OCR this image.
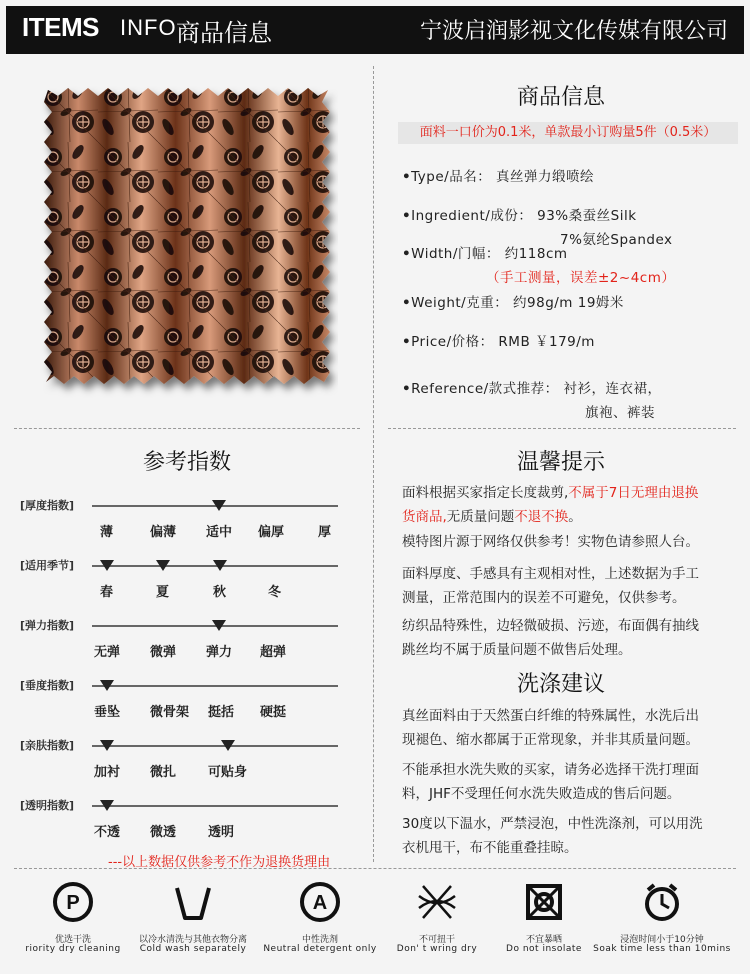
ITEMS INFO 商品信息	宁波启润影视文化传媒有限公司
商品信息
面料一口价为0.1米，单款最小订购量5件（0.5米）
•Type/品名： 真丝弹力缎喷绘
•Ingredient/成份： 93%桑蚕丝Silk
7%氨纶Spandex
•Width/门幅： 约118cm
（手工测量，误差±2~4cm）
•Weight/克重： 约98g/m 19姆米
•Price/价格： RMB ￥179/m
•Reference/款式推荐： 衬衫，连衣裙，
旗袍、裤装
参考指数
[厚度指数]
薄	偏薄 适中 偏厚	厚
[适用季节]
春	夏	秋	冬
[弹力指数]
无弹 微弹 弹力 超弹
[垂度指数]
垂坠 微骨架 挺括 硬挺
[亲肤指数]
加衬 微扎 可贴身
[透明指数]
不透 微透 透明
---以上数据仅供参考不作为退换货理由
温馨提示
面料根据买家指定长度裁剪,不属于7日无理由退换
货商品,无质量问题不退不换。
模特图片源于网络仅供参考！实物色请参照人台。
面料厚度、手感具有主观相对性，上述数据为手工
测量，正常范围内的误差不可避免，仅供参考。
纺织品特殊性，边轻微破损、污迹，布面偶有抽线
跳丝均不属于质量问题不做售后处理。
洗涤建议
真丝面料由于天然蛋白纤维的特殊属性，水洗后出
现褪色、缩水都属于正常现象，并非其质量问题。
不能承担水洗失败的买家，请务必选择干洗打理面
料，JHF不受理任何水洗失败造成的售后问题。
30度以下温水，严禁浸泡，中性洗涤剂，可以用洗
衣机甩干，布不能重叠挂晾。
P
优选干洗
riority dry cleaning
以冷水清洗与其他衣物分离
Cold wash separately
A
中性洗剂
Neutral detergent only
不可扭干
Don' t wring dry
不宜暴晒
Do not insolate
浸泡时间小于10分钟
Soak time less than 10mins
